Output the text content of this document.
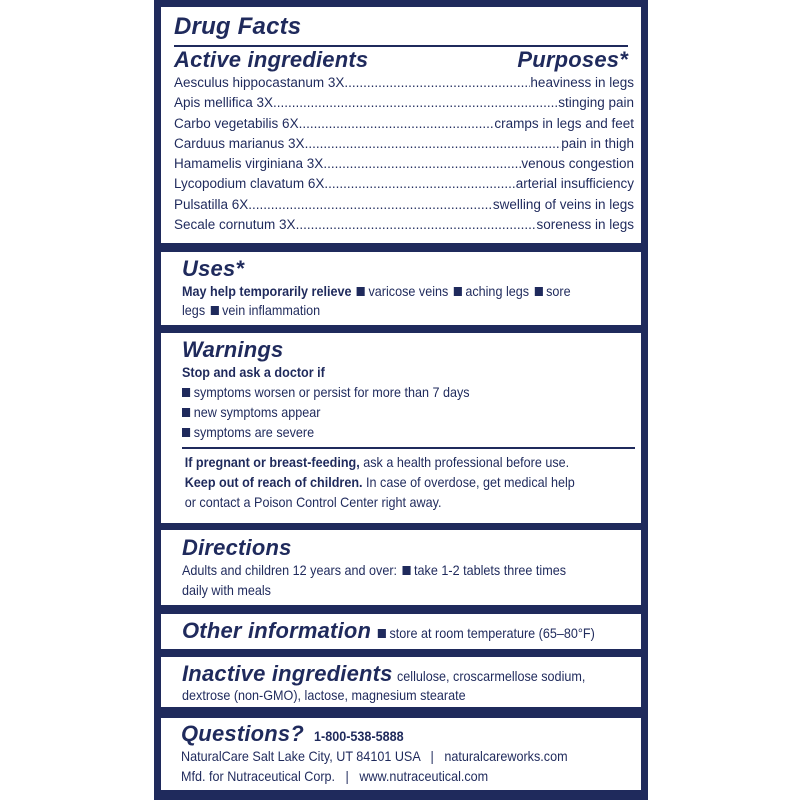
Drug Facts
Active ingredients	Purposes*
Aesculus hippocastanum 3X .....	heaviness in legs
Apis mellifica 3X .....	stinging pain
Carbo vegetabilis 6X .....	cramps in legs and feet
Carduus marianus 3X .....	pain in thigh
Hamamelis virginiana 3X .....	venous congestion
Lycopodium clavatum 6X .....	arterial insufficiency
Pulsatilla 6X .....	swelling of veins in legs
Secale cornutum 3X .....	soreness in legs
Uses*
May help temporarily relieve varicose veins aching legs sore
legs vein inflammation
Warnings
Stop and ask a doctor if
symptoms worsen or persist for more than 7 days
new symptoms appear
symptoms are severe
If pregnant or breast-feeding, ask a health professional before use.
Keep out of reach of children. In case of overdose, get medical help
or contact a Poison Control Center right away.
Directions
Adults and children 12 years and over: take 1-2 tablets three times
daily with meals
Other information store at room temperature (65–80°F)
Inactive ingredients cellulose, croscarmellose sodium,
dextrose (non-GMO), lactose, magnesium stearate
Questions? 1-800-538-5888
NaturalCare Salt Lake City, UT 84101 USA   |   naturalcareworks.com
Mfd. for Nutraceutical Corp.   |   www.nutraceutical.com
